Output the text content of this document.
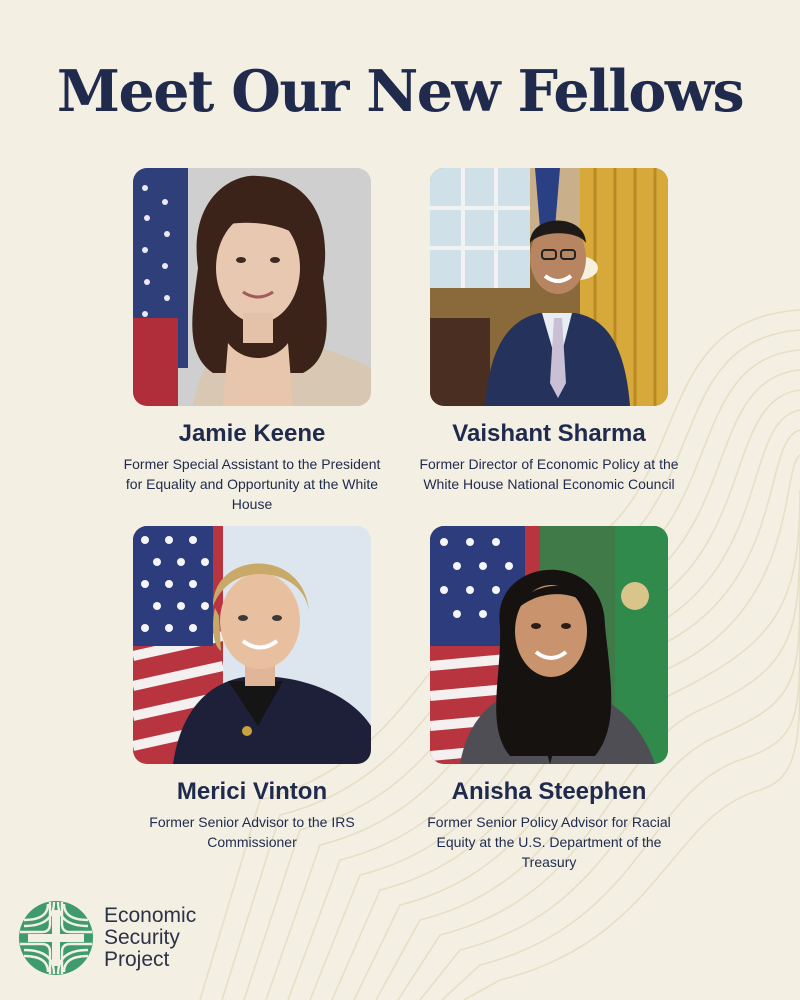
Meet Our New Fellows
Jamie Keene
Former Special Assistant to the President for Equality and Opportunity at the White House
Vaishant Sharma
Former Director of Economic Policy at the White House National Economic Council
Merici Vinton
Former Senior Advisor to the IRS Commissioner
Anisha Steephen
Former Senior Policy Advisor for Racial Equity at the U.S. Department of the Treasury
Economic
Security
Project
